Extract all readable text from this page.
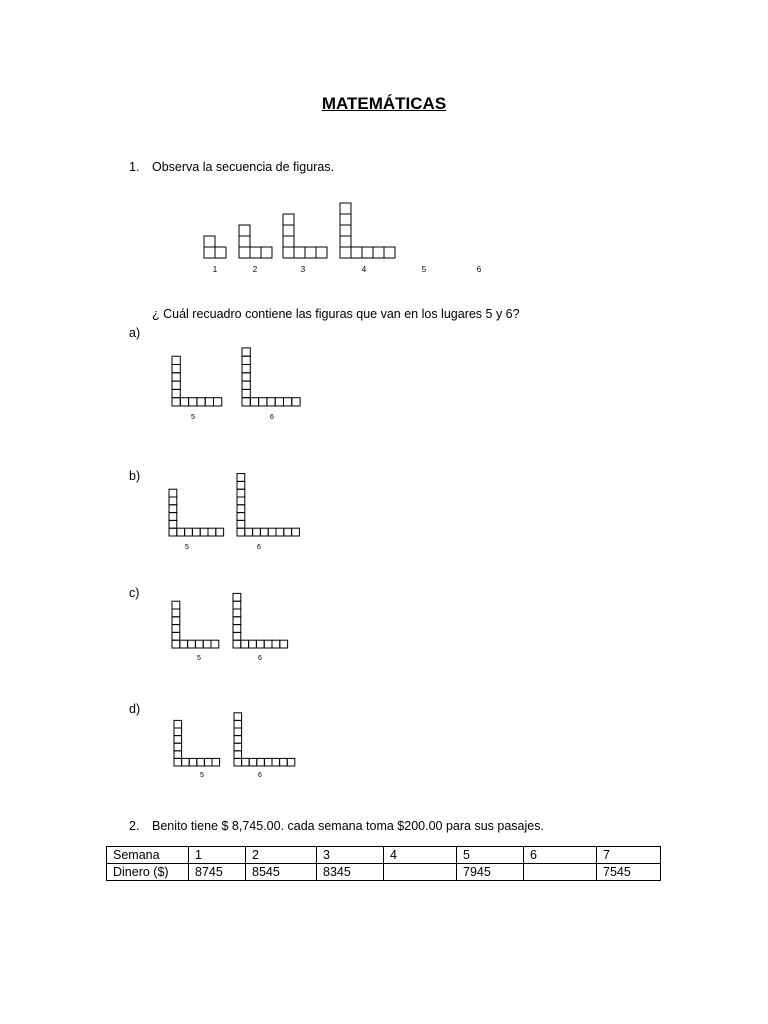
MATEMÁTICAS
1. Observa la secuencia de figuras.
1	2	3	4	5	6
5	6
5	6
5	6
5	6
¿ Cuál recuadro contiene las figuras que van en los lugares 5 y 6?
a)
b)
c)
d)
2. Benito tiene $ 8,745.00. cada semana toma $200.00 para sus pasajes.
Semana	1	2	3	4	5	6	7
Dinero ($)	8745	8545	8345		7945		7545
